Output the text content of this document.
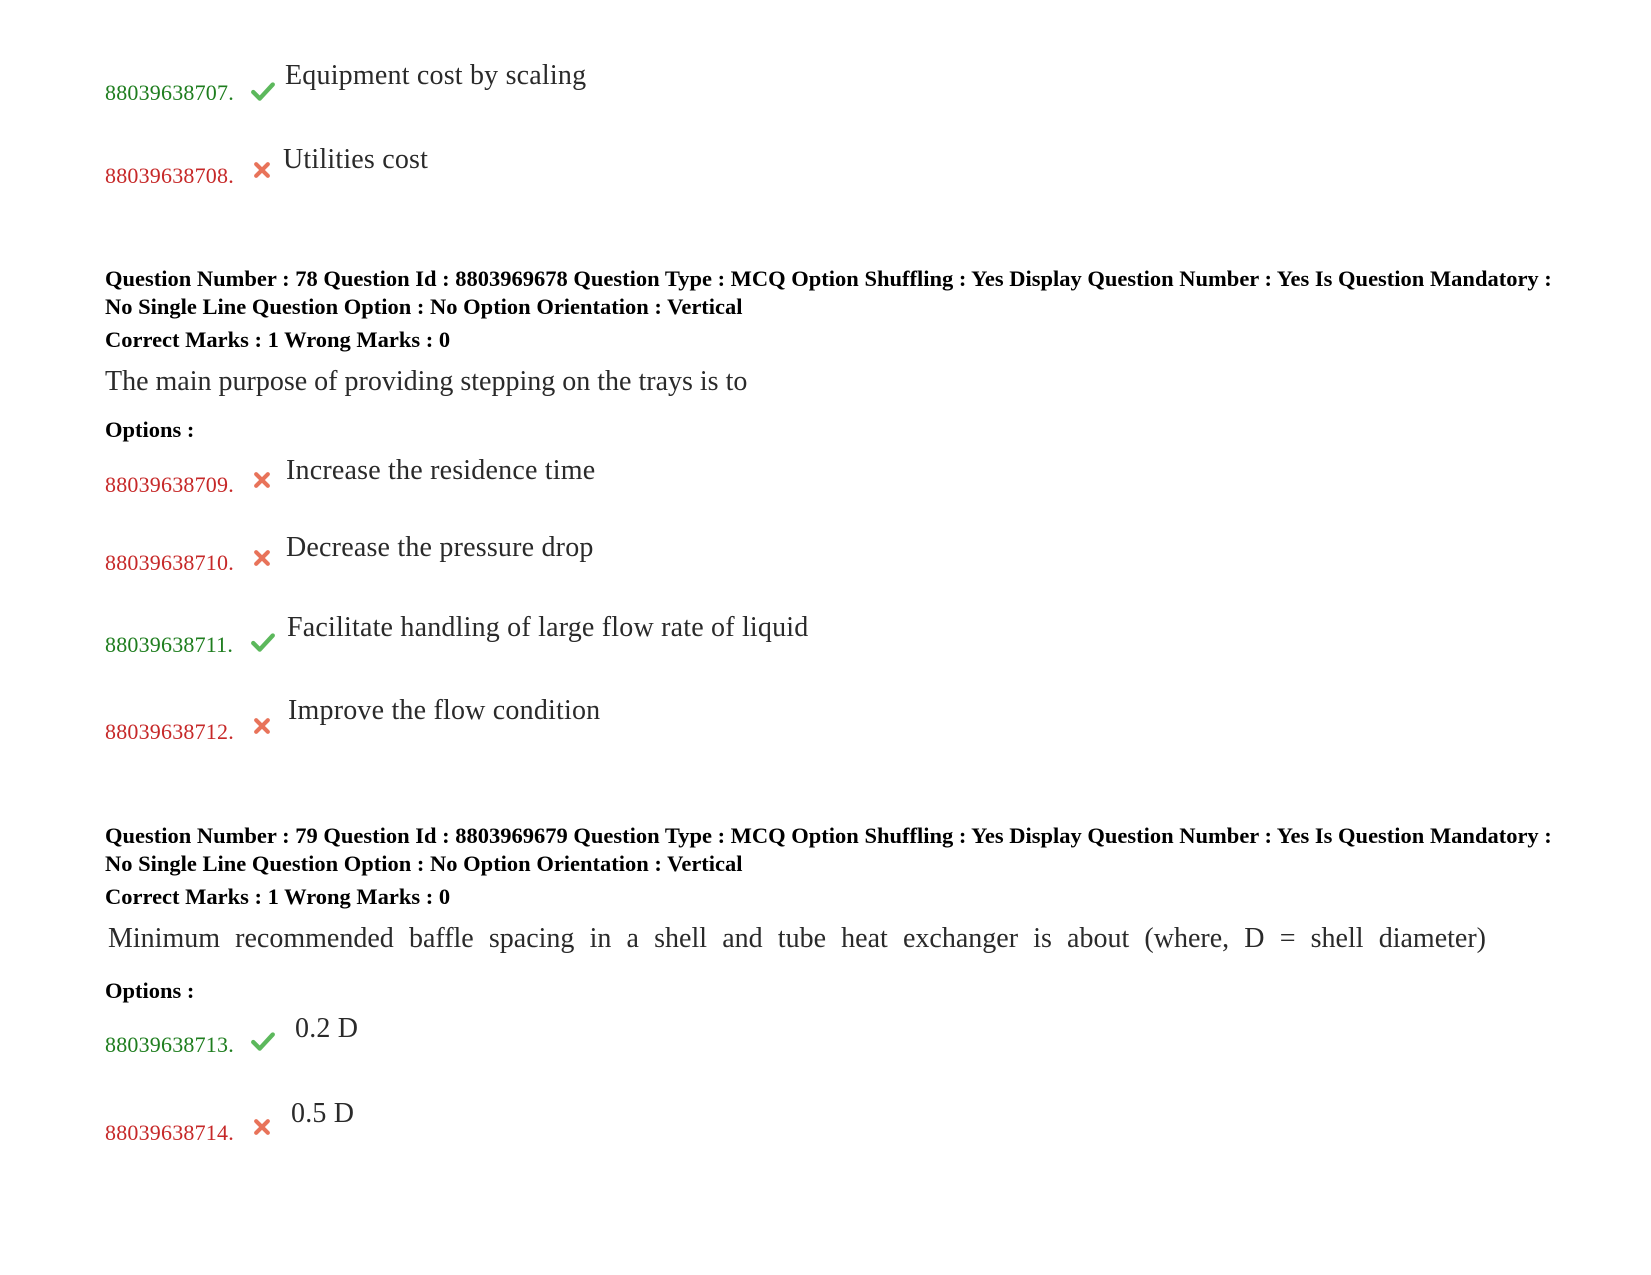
88039638707.
Equipment cost by scaling
88039638708.
Utilities cost
Question Number : 78 Question Id : 8803969678 Question Type : MCQ Option Shuffling : Yes Display Question Number : Yes Is Question Mandatory : No Single Line Question Option : No Option Orientation : Vertical
Correct Marks : 1 Wrong Marks : 0
The main purpose of providing stepping on the trays is to
Options :
88039638709. Increase the residence time
88039638710. Decrease the pressure drop
88039638711.
Facilitate handling of large flow rate of liquid
88039638712.
Improve the flow condition
Question Number : 79 Question Id : 8803969679 Question Type : MCQ Option Shuffling : Yes Display Question Number : Yes Is Question Mandatory : No Single Line Question Option : No Option Orientation : Vertical
Correct Marks : 1 Wrong Marks : 0
Minimum recommended baffle spacing in a shell and tube heat exchanger is about (where, D = shell diameter)
Options :
88039638713.
0.2 D
88039638714.
0.5 D
